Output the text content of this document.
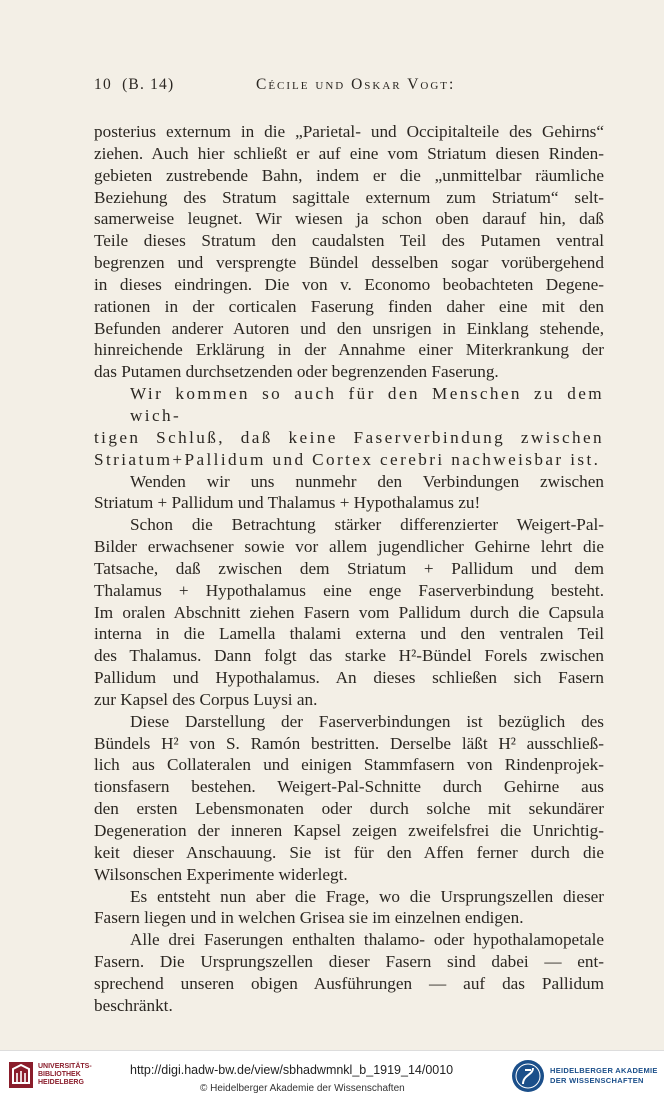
10 (B. 14)	Cécile und Oskar Vogt:

posterius externum in die „Parietal- und Occipitalteile des Gehirns“
ziehen. Auch hier schließt er auf eine vom Striatum diesen Rinden-
gebieten zustrebende Bahn, indem er die „unmittelbar räumliche
Beziehung des Stratum sagittale externum zum Striatum“ selt-
samerweise leugnet. Wir wiesen ja schon oben darauf hin, daß
Teile dieses Stratum den caudalsten Teil des Putamen ventral
begrenzen und versprengte Bündel desselben sogar vorübergehend
in dieses eindringen. Die von v. Economo beobachteten Degene-
rationen in der corticalen Faserung finden daher eine mit den
Befunden anderer Autoren und den unsrigen in Einklang stehende,
hinreichende Erklärung in der Annahme einer Miterkrankung der
das Putamen durchsetzenden oder begrenzenden Faserung.

Wir kommen so auch für den Menschen zu dem wich-
tigen Schluß, daß keine Faserverbindung zwischen
Striatum+Pallidum und Cortex cerebri nachweisbar ist.

Wenden wir uns nunmehr den Verbindungen zwischen
Striatum + Pallidum und Thalamus + Hypothalamus zu!

Schon die Betrachtung stärker differenzierter Weigert-Pal-
Bilder erwachsener sowie vor allem jugendlicher Gehirne lehrt die
Tatsache, daß zwischen dem Striatum + Pallidum und dem
Thalamus + Hypothalamus eine enge Faserverbindung besteht.
Im oralen Abschnitt ziehen Fasern vom Pallidum durch die Capsula
interna in die Lamella thalami externa und den ventralen Teil
des Thalamus. Dann folgt das starke H²-Bündel Forels zwischen
Pallidum und Hypothalamus. An dieses schließen sich Fasern
zur Kapsel des Corpus Luysi an.

Diese Darstellung der Faserverbindungen ist bezüglich des
Bündels H² von S. Ramón bestritten. Derselbe läßt H² ausschließ-
lich aus Collateralen und einigen Stammfasern von Rindenprojek-
tionsfasern bestehen. Weigert-Pal-Schnitte durch Gehirne aus
den ersten Lebensmonaten oder durch solche mit sekundärer
Degeneration der inneren Kapsel zeigen zweifelsfrei die Unrichtig-
keit dieser Anschauung. Sie ist für den Affen ferner durch die
Wilsonschen Experimente widerlegt.

Es entsteht nun aber die Frage, wo die Ursprungszellen dieser
Fasern liegen und in welchen Grisea sie im einzelnen endigen.

Alle drei Faserungen enthalten thalamo- oder hypothalamopetale
Fasern. Die Ursprungszellen dieser Fasern sind dabei — ent-
sprechend unseren obigen Ausführungen — auf das Pallidum
beschränkt.

UNIVERSITÄTS-
BIBLIOTHEK
HEIDELBERG
http://digi.hadw-bw.de/view/sbhadwmnkl_b_1919_14/0010
© Heidelberger Akademie der Wissenschaften
HEIDELBERGER AKADEMIE
DER WISSENSCHAFTEN
